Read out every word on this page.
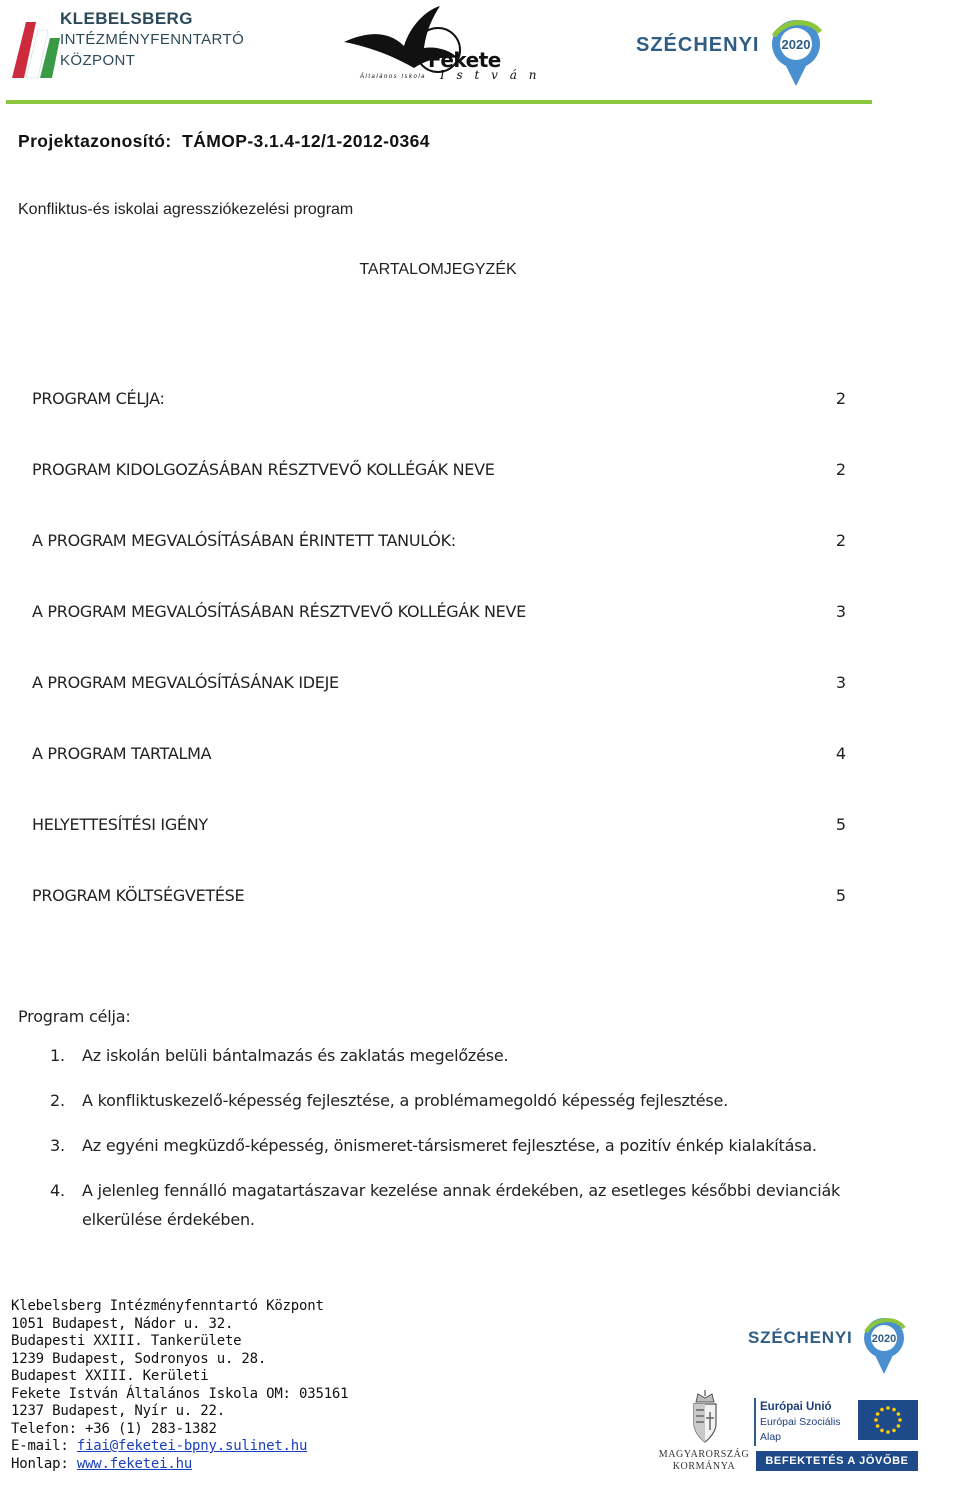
KLEBELSBERG
INTÉZMÉNYFENNTARTÓ
KÖZPONT	Fekete
I s t v á n
Általános Iskola
2020
SZÉCHENYI
Projektazonosító:  TÁMOP-3.1.4-12/1-2012-0364
Konfliktus-és iskolai agressziókezelési program
TARTALOMJEGYZÉK
PROGRAM CÉLJA:	2
PROGRAM KIDOLGOZÁSÁBAN RÉSZTVEVŐ KOLLÉGÁK NEVE	2
A PROGRAM MEGVALÓSÍTÁSÁBAN ÉRINTETT TANULÓK:	2
A PROGRAM MEGVALÓSÍTÁSÁBAN RÉSZTVEVŐ KOLLÉGÁK NEVE	3
A PROGRAM MEGVALÓSÍTÁSÁNAK IDEJE	3
A PROGRAM TARTALMA	4
HELYETTESÍTÉSI IGÉNY	5
PROGRAM KÖLTSÉGVETÉSE	5
Program célja:
1. Az iskolán belüli bántalmazás és zaklatás megelőzése.
2. A konfliktuskezelő-képesség fejlesztése, a problémamegoldó képesség fejlesztése.
3. Az egyéni megküzdő-képesség, önismeret-társismeret fejlesztése, a pozitív énkép kialakítása.
4. A jelenleg fennálló magatartászavar kezelése annak érdekében, az esetleges későbbi devianciák elkerülése érdekében.
Klebelsberg Intézményfenntartó Központ
1051 Budapest, Nádor u. 32.
Budapesti XXIII. Tankerülete
1239 Budapest, Sodronyos u. 28.
Budapest XXIII. Kerületi
Fekete István Általános Iskola OM: 035161
1237 Budapest, Nyír u. 22.
Telefon: +36 (1) 283-1382
E-mail: fiai@feketei-bpny.sulinet.hu
Honlap: www.feketei.hu
2020
SZÉCHENYI
MAGYARORSZÁG
KORMÁNYA
Európai Unió
Európai Szociális
Alap
BEFEKTETÉS A JÖVŐBE
